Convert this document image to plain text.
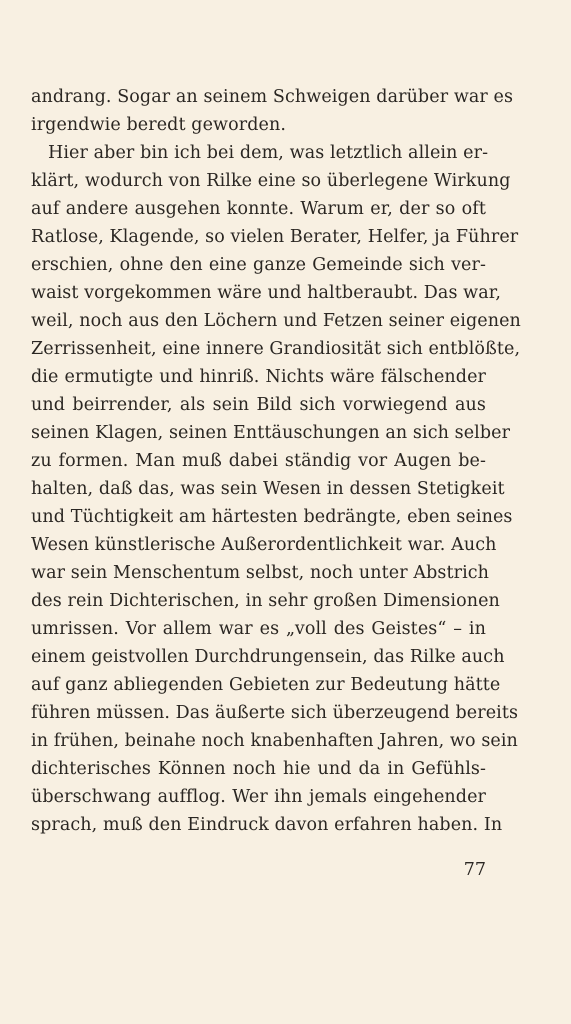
andrang. Sogar an seinem Schweigen darüber war es
irgendwie beredt geworden.
Hier aber bin ich bei dem, was letztlich allein er-
klärt, wodurch von Rilke eine so überlegene Wirkung
auf andere ausgehen konnte. Warum er, der so oft
Ratlose, Klagende, so vielen Berater, Helfer, ja Führer
erschien, ohne den eine ganze Gemeinde sich ver-
waist vorgekommen wäre und haltberaubt. Das war,
weil, noch aus den Löchern und Fetzen seiner eigenen
Zerrissenheit, eine innere Grandiosität sich entblößte,
die ermutigte und hinriß. Nichts wäre fälschender
und beirrender, als sein Bild sich vorwiegend aus
seinen Klagen, seinen Enttäuschungen an sich selber
zu formen. Man muß dabei ständig vor Augen be-
halten, daß das, was sein Wesen in dessen Stetigkeit
und Tüchtigkeit am härtesten bedrängte, eben seines
Wesen künstlerische Außerordentlichkeit war. Auch
war sein Menschentum selbst, noch unter Abstrich
des rein Dichterischen, in sehr großen Dimensionen
umrissen. Vor allem war es „voll des Geistes“ – in
einem geistvollen Durchdrungensein, das Rilke auch
auf ganz abliegenden Gebieten zur Bedeutung hätte
führen müssen. Das äußerte sich überzeugend bereits
in frühen, beinahe noch knabenhaften Jahren, wo sein
dichterisches Können noch hie und da in Gefühls-
überschwang aufflog. Wer ihn jemals eingehender
sprach, muß den Eindruck davon erfahren haben. In
77
